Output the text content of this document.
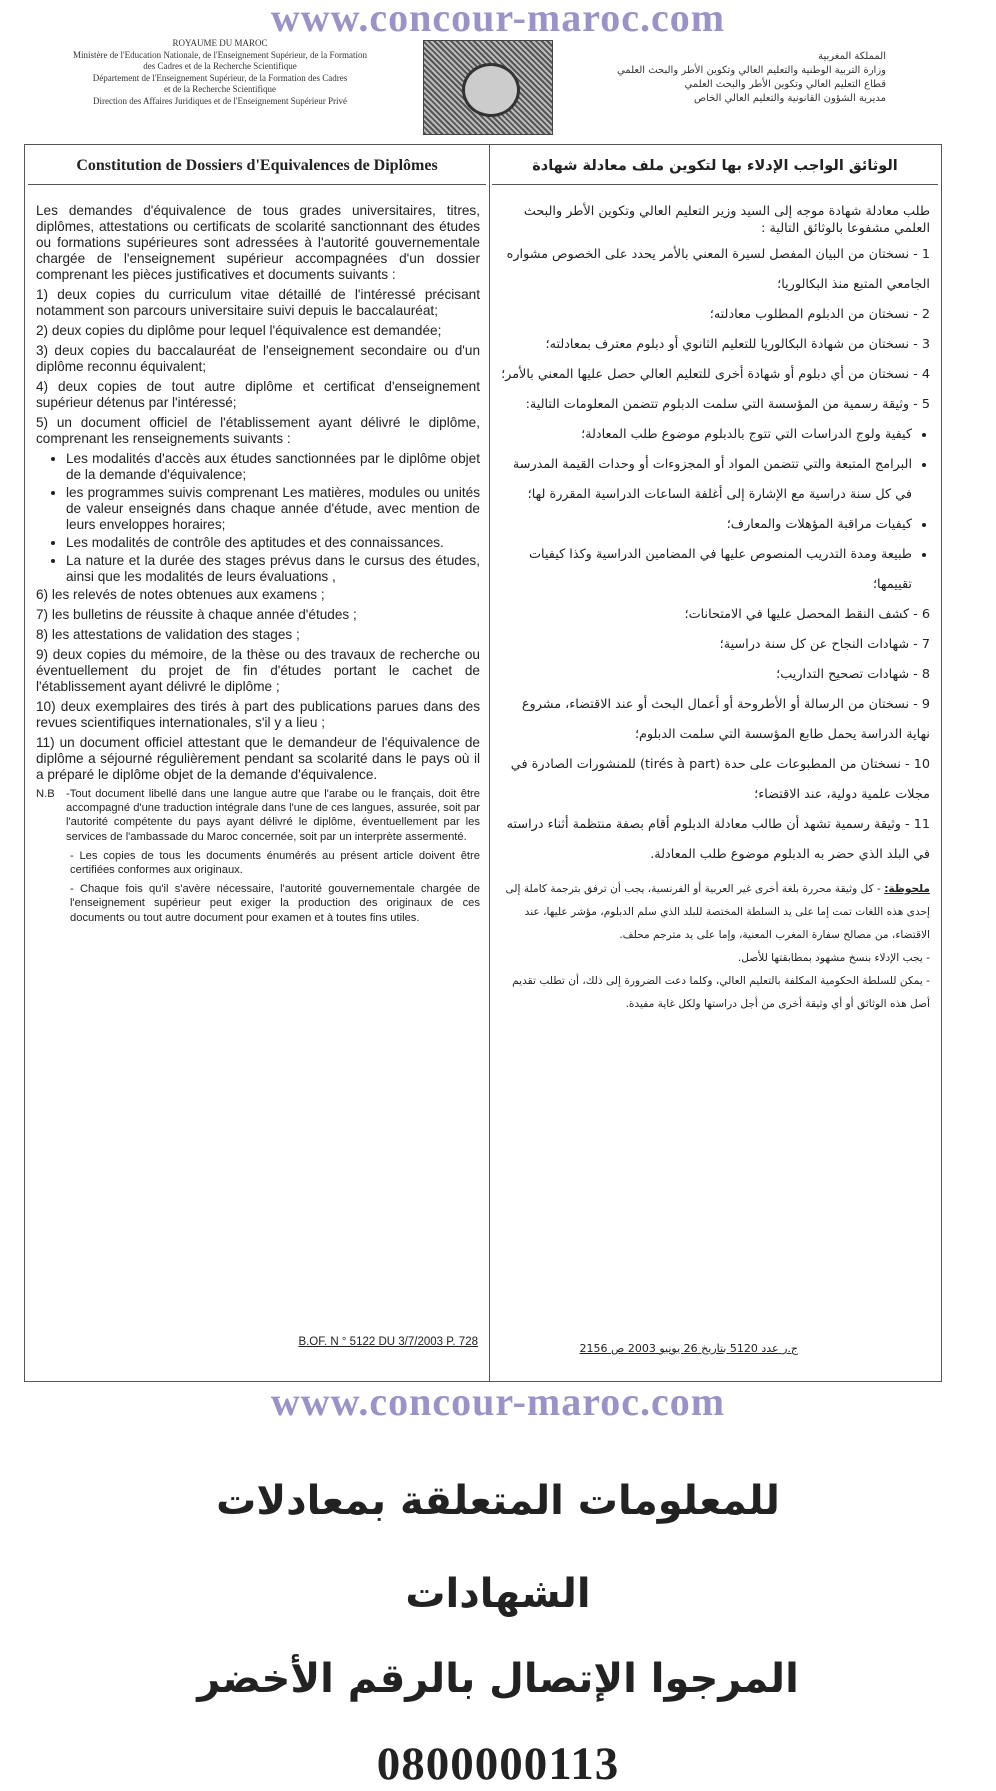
www.concour-maroc.com
ROYAUME DU MAROC
Ministère de l'Education Nationale, de l'Enseignement Supérieur, de la Formation
des Cadres et de la Recherche Scientifique
Département de l'Enseignement Supérieur, de la Formation des Cadres
et de la Recherche Scientifique
Direction des Affaires Juridiques et de l'Enseignement Supérieur Privé
المملكة المغربية
وزارة التربية الوطنية والتعليم العالي وتكوين الأطر والبحث العلمي
قطاع التعليم العالي وتكوين الأطر والبحث العلمي
مديرية الشؤون القانونية والتعليم العالي الخاص
Constitution de Dossiers d'Equivalences de Diplômes	الوثائق الواجب الإدلاء بها لتكوين ملف معادلة شهادة

Les demandes d'équivalence de tous grades universitaires, titres, diplômes, attestations ou certificats de scolarité sanctionnant des études ou formations supérieures sont adressées à l'autorité gouvernementale chargée de l'enseignement supérieur accompagnées d'un dossier comprenant les pièces justificatives et documents suivants :

1) deux copies du curriculum vitae détaillé de l'intéressé précisant notamment son parcours universitaire suivi depuis le baccalauréat;

2) deux copies du diplôme pour lequel l'équivalence est demandée;

3) deux copies du baccalauréat de l'enseignement secondaire ou d'un diplôme reconnu équivalent;

4) deux copies de tout autre diplôme et certificat d'enseignement supérieur détenus par l'intéressé;

5) un document officiel de l'établissement ayant délivré le diplôme, comprenant les renseignements suivants :

• Les modalités d'accès aux études sanctionnées par le diplôme objet de la demande d'équivalence;
• les programmes suivis comprenant Les matières, modules ou unités de valeur enseignés dans chaque année d'étude, avec mention de leurs enveloppes horaires;
• Les modalités de contrôle des aptitudes et des connaissances.
• La nature et la durée des stages prévus dans le cursus des études, ainsi que les modalités de leurs évaluations ,

6) les relevés de notes obtenues aux examens ;

7) les bulletins de réussite à chaque année d'études ;

8) les attestations de validation des stages ;

9) deux copies du mémoire, de la thèse ou des travaux de recherche ou éventuellement du projet de fin d'études portant le cachet de l'établissement ayant délivré le diplôme ;

10) deux exemplaires des tirés à part des publications parues dans des revues scientifiques internationales, s'il y a lieu ;

11) un document officiel attestant que le demandeur de l'équivalence de diplôme a séjourné régulièrement pendant sa scolarité dans le pays où il a préparé le diplôme objet de la demande d'équivalence.

N.B	-Tout document libellé dans une langue autre que l'arabe ou le français, doit être accompagné d'une traduction intégrale dans l'une de ces langues, assurée, soit par l'autorité compétente du pays ayant délivré le diplôme, éventuellement par les services de l'ambassade du Maroc concernée, soit par un interprète assermenté.
- Les copies de tous les documents énumérés au présent article doivent être certifiées conformes aux originaux.
- Chaque fois qu'il s'avère nécessaire, l'autorité gouvernementale chargée de l'enseignement supérieur peut exiger la production des originaux de ces documents ou tout autre document pour examen et à toutes fins utiles.
B.OF. N ° 5122 DU 3/7/2003 P. 728

طلب معادلة شهادة موجه إلى السيد وزير التعليم العالي وتكوين الأطر والبحث العلمي مشفوعا بالوثائق التالية :

1 - نسختان من البيان المفصل لسيرة المعني بالأمر يحدد على الخصوص مشواره الجامعي المتبع منذ البكالوريا؛

2 - نسختان من الدبلوم المطلوب معادلته؛

3 - نسختان من شهادة البكالوريا للتعليم الثانوي أو دبلوم معترف بمعادلته؛

4 - نسختان من أي دبلوم أو شهادة أخرى للتعليم العالي حصل عليها المعني بالأمر؛

5 - وثيقة رسمية من المؤسسة التي سلمت الدبلوم تتضمن المعلومات التالية:

• كيفية ولوج الدراسات التي تتوج بالدبلوم موضوع طلب المعادلة؛
• البرامج المتبعة والتي تتضمن المواد أو المجزوءات أو وحدات القيمة المدرسة في كل سنة دراسية مع الإشارة إلى أغلفة الساعات الدراسية المقررة لها؛
• كيفيات مراقبة المؤهلات والمعارف؛
• طبيعة ومدة التدريب المنصوص عليها في المضامين الدراسية وكذا كيفيات تقييمها؛

6 - كشف النقط المحصل عليها في الامتحانات؛

7 - شهادات النجاح عن كل سنة دراسية؛

8 - شهادات تصحيح التداريب؛

9 - نسختان من الرسالة أو الأطروحة أو أعمال البحث أو عند الاقتضاء، مشروع نهاية الدراسة يحمل طابع المؤسسة التي سلمت الدبلوم؛

10 - نسختان من المطبوعات على حدة (tirés à part) للمنشورات الصادرة في مجلات علمية دولية، عند الاقتضاء؛

11 - وثيقة رسمية تشهد أن طالب معادلة الدبلوم أقام بصفة منتظمة أثناء دراسته في البلد الذي حضر به الدبلوم موضوع طلب المعادلة.

ملحوظة: - كل وثيقة محررة بلغة أخرى غير العربية أو الفرنسية، يجب أن ترفق بترجمة كاملة إلى إحدى هذه اللغات تمت إما على يد السلطة المختصة للبلد الذي سلم الدبلوم، مؤشر عليها، عند الاقتضاء، من مصالح سفارة المغرب المعنية، وإما على يد مترجم محلف.
- يجب الإدلاء بنسخ مشهود بمطابقتها للأصل.
- يمكن للسلطة الحكومية المكلفة بالتعليم العالي، وكلما دعت الضرورة إلى ذلك، أن تطلب تقديم أصل هذه الوثائق أو أي وثيقة أخرى من أجل دراستها ولكل غاية مفيدة.
ج.ر عدد 5120 بتاريخ 26 يونيو 2003 ص 2156
www.concour-maroc.com
للمعلومات المتعلقة بمعادلات
الشهادات
المرجوا الإتصال بالرقم الأخضر
0800000113
